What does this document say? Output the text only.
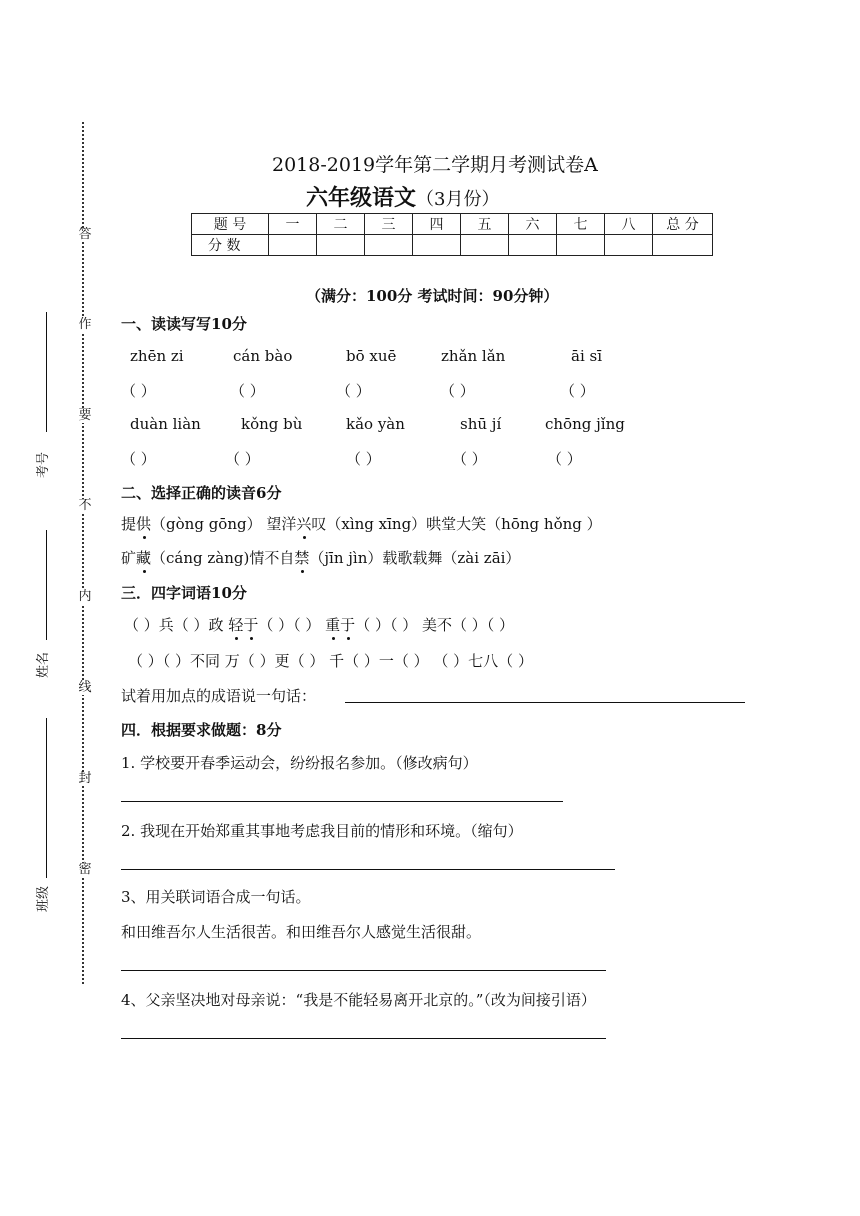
答
作
要
不
内
线
封
密
考号
姓名
班级
2018-2019学年第二学期月考测试卷A
六年级语文（3月份）
题 号	一	二	三	四	五	六	七	八	总 分
分 数									
（满分：100分 考试时间：90分钟）
一、读读写写10分
zhēn zi	cán bào	bō xuē	zhǎn lǎn	āi sī
（ ）	（ ）	（ ）	（ ）	（ ）
duàn liàn	kǒng bù	kǎo yàn	shū jí	chōng jǐng
（ ）	（ ）	（ ）	（ ）	（ ）
二、选择正确的读音6分
提供（gòng gōng） 望洋兴叹（xìng xīng）哄堂大笑（hōng hǒng ）
矿藏（cáng zàng)情不自禁（jīn jìn）载歌载舞（zài zāi）
三．四字词语10分
（ ）兵（ ）政 轻于（ ）（ ） 重于（ ）（ ） 美不（ ）（ ）
（ ）（ ）不同 万（ ）更（ ） 千（ ）一（ ） （ ）七八（ ）
试着用加点的成语说一句话：
四．根据要求做题：8分
1. 学校要开春季运动会，纷纷报名参加。（修改病句）
2. 我现在开始郑重其事地考虑我目前的情形和环境。（缩句）
3、用关联词语合成一句话。
和田维吾尔人生活很苦。和田维吾尔人感觉生活很甜。
4、父亲坚决地对母亲说：“我是不能轻易离开北京的。”（改为间接引语）
